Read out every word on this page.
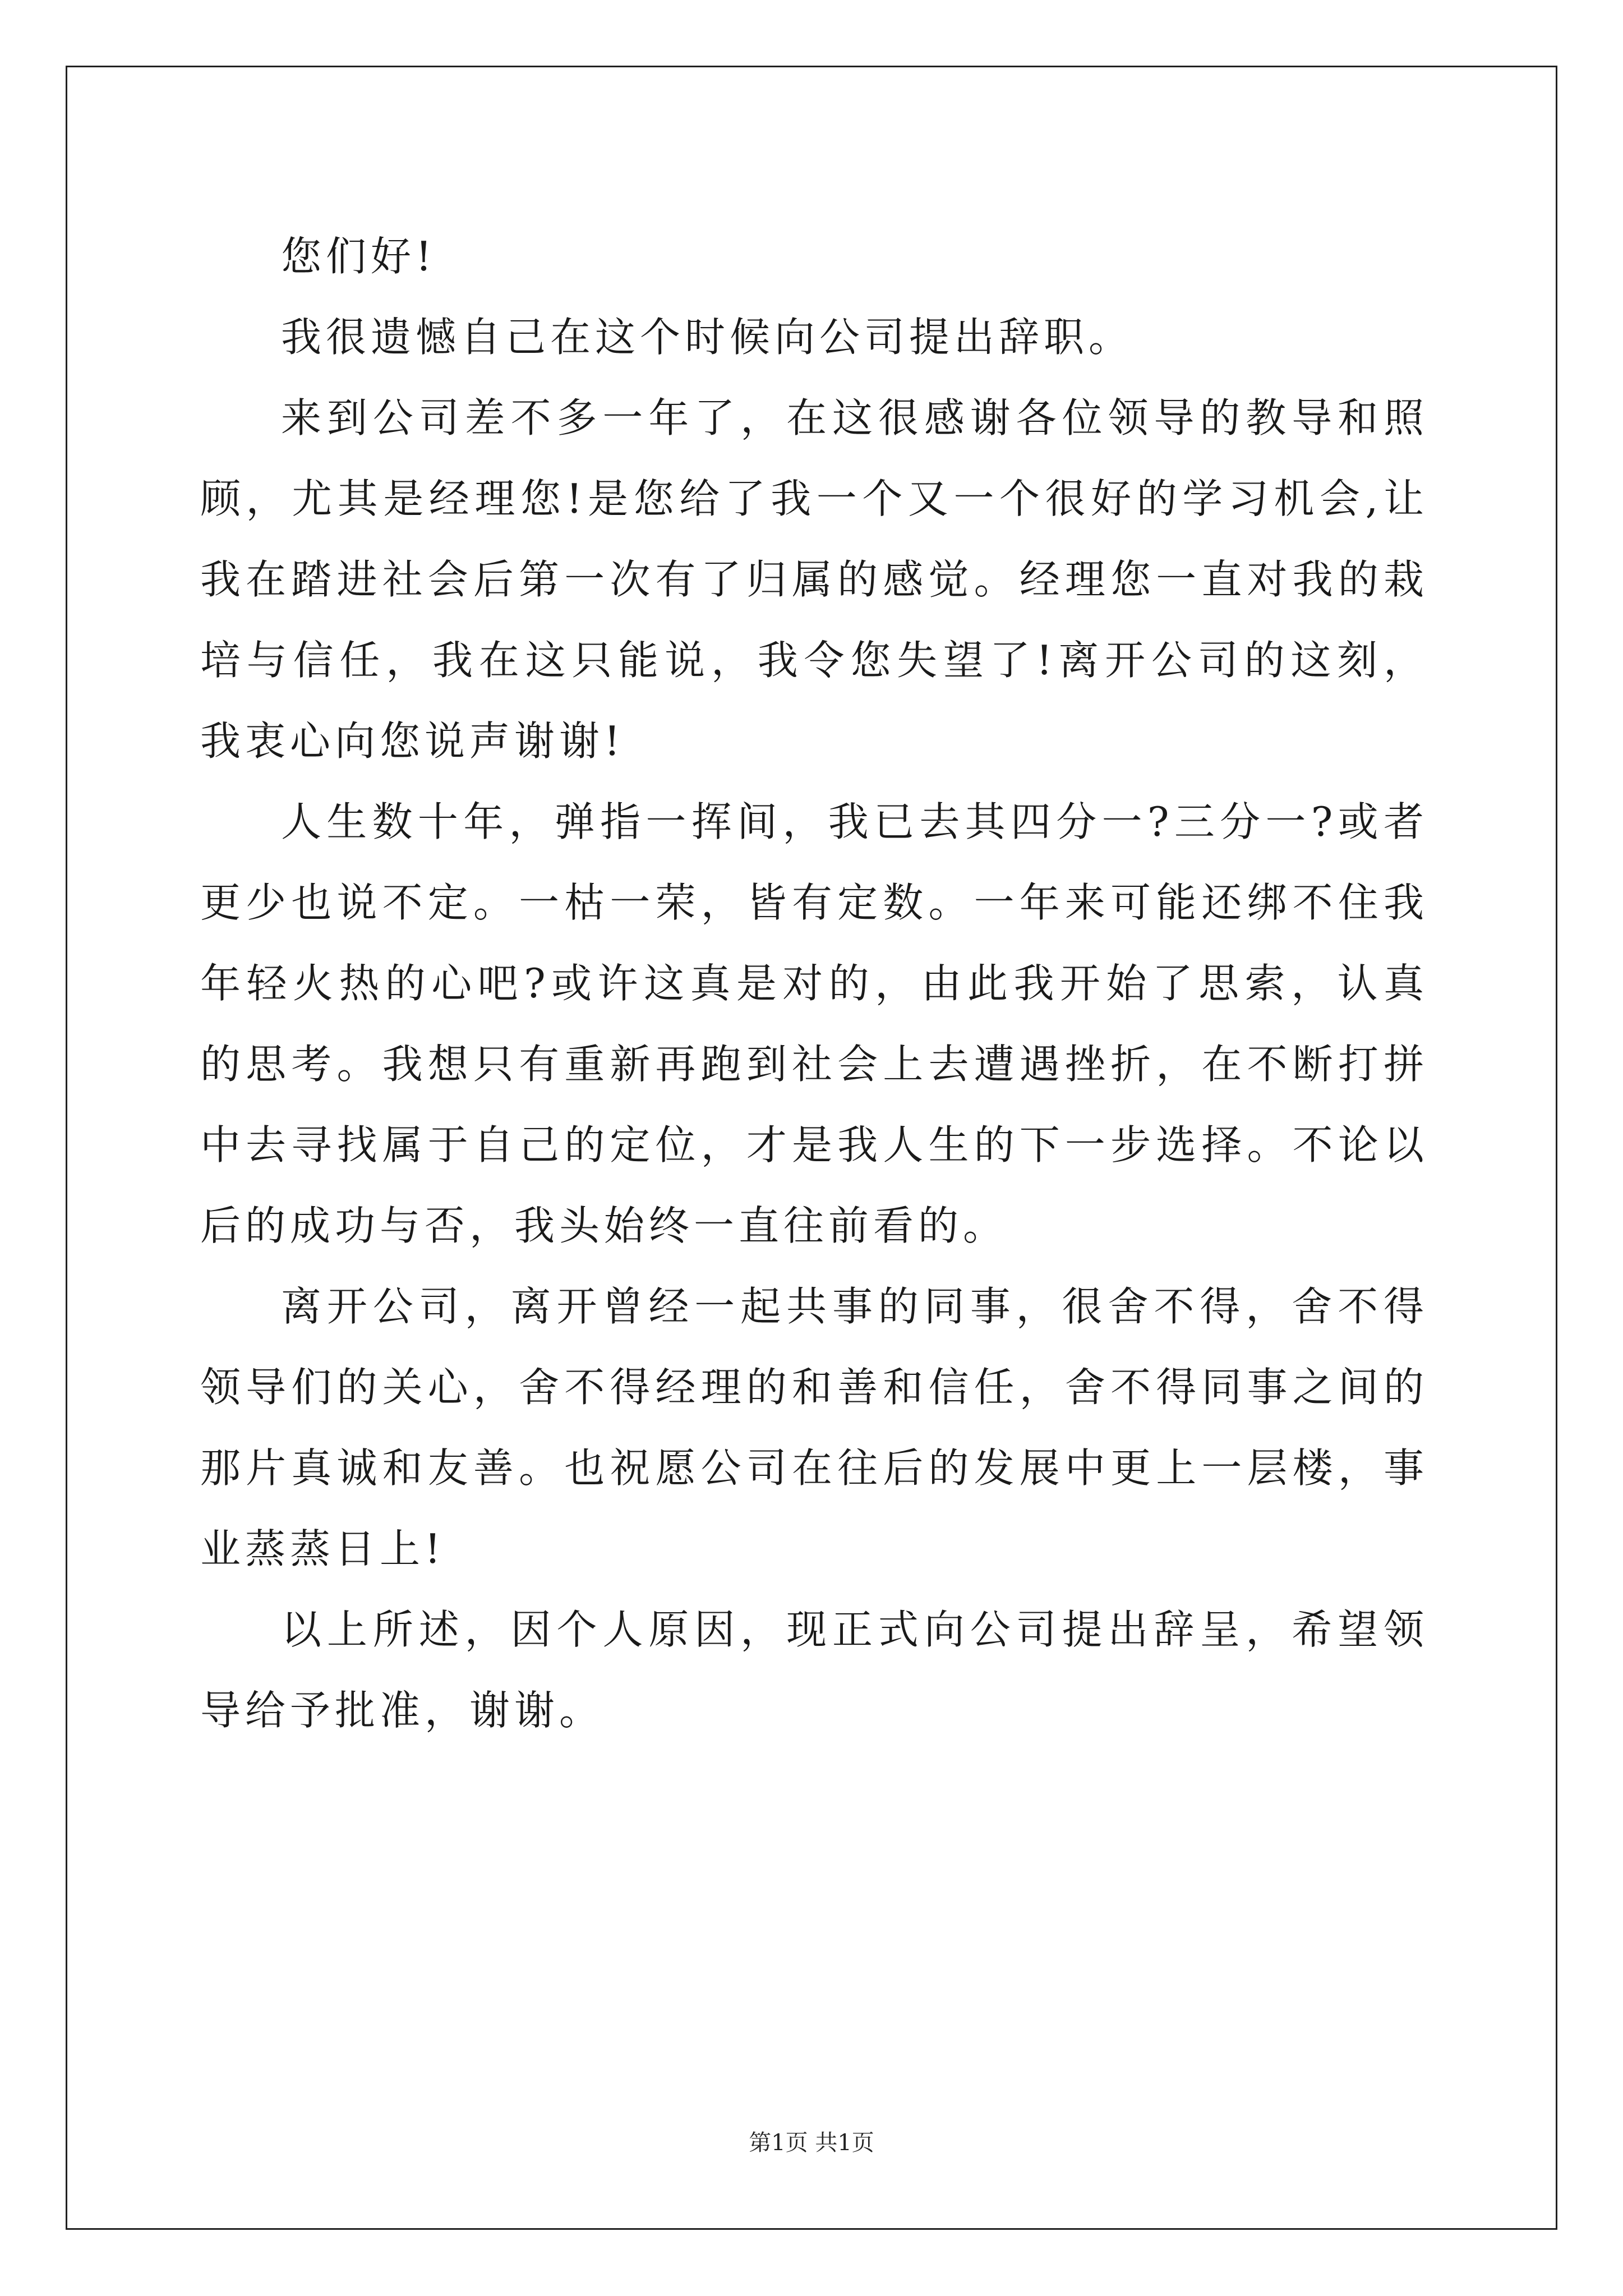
您们好!

我很遗憾自己在这个时候向公司提出辞职。

来到公司差不多一年了，在这很感谢各位领导的教导和照顾，尤其是经理您!是您给了我一个又一个很好的学习机会,让我在踏进社会后第一次有了归属的感觉。经理您一直对我的栽培与信任，我在这只能说，我令您失望了!离开公司的这刻，我衷心向您说声谢谢!

人生数十年，弹指一挥间，我已去其四分一?三分一?或者更少也说不定。一枯一荣，皆有定数。一年来可能还绑不住我年轻火热的心吧?或许这真是对的，由此我开始了思索，认真的思考。我想只有重新再跑到社会上去遭遇挫折，在不断打拼中去寻找属于自己的定位，才是我人生的下一步选择。不论以后的成功与否，我头始终一直往前看的。

离开公司，离开曾经一起共事的同事，很舍不得，舍不得领导们的关心，舍不得经理的和善和信任，舍不得同事之间的那片真诚和友善。也祝愿公司在往后的发展中更上一层楼，事业蒸蒸日上!

以上所述，因个人原因，现正式向公司提出辞呈，希望领导给予批准，谢谢。

第1页 共1页
